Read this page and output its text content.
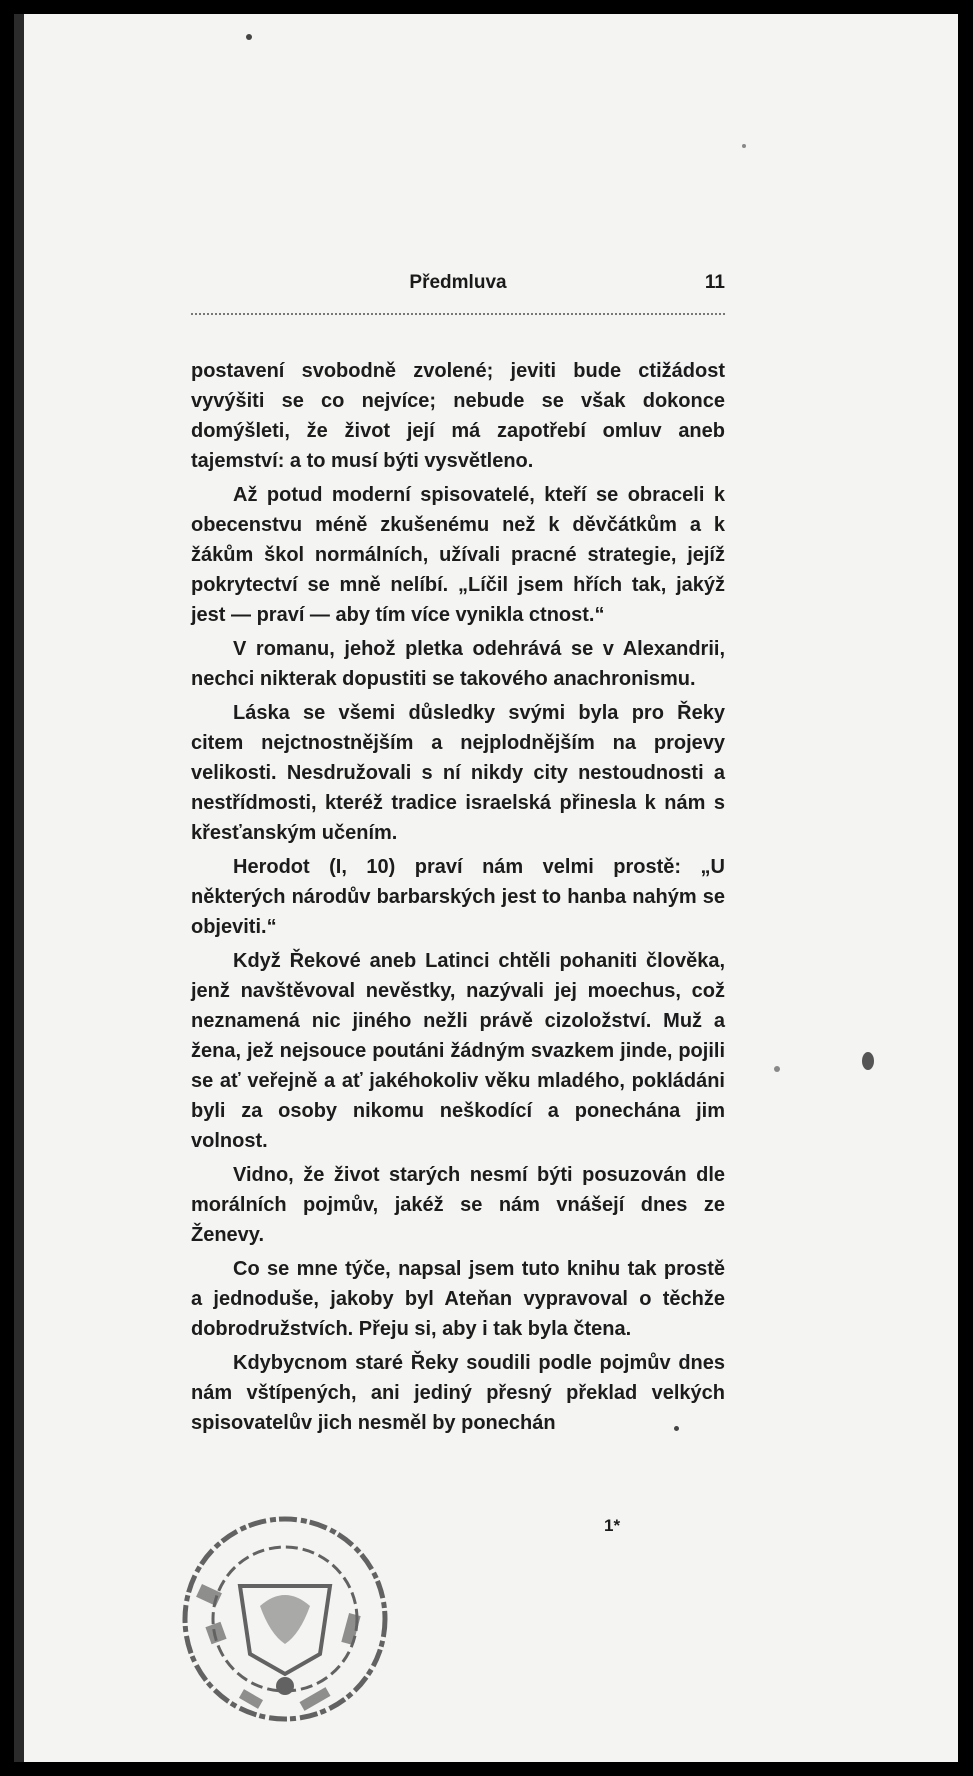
Předmluva	11

postavení svobodně zvolené; jeviti bude ctižádost vyvýšiti se co nejvíce; nebude se však dokonce domýšleti, že život její má zapotřebí omluv aneb tajemství: a to musí býti vysvětleno.

Až potud moderní spisovatelé, kteří se obraceli k obecenstvu méně zkušenému než k děvčátkům a k žákům škol normálních, užívali pracné strategie, jejíž pokrytectví se mně nelíbí. „Líčil jsem hřích tak, jakýž jest — praví — aby tím více vynikla ctnost.“

V romanu, jehož pletka odehrává se v Alexandrii, nechci nikterak dopustiti se takového anachronismu.

Láska se všemi důsledky svými byla pro Řeky citem nejctnostnějším a nejplodnějším na projevy velikosti. Nesdružovali s ní nikdy city nestoudnosti a nestřídmosti, kteréž tradice israelská přinesla k nám s křesťanským učením.

Herodot (I, 10) praví nám velmi prostě: „U některých národův barbarských jest to hanba nahým se objeviti.“

Když Řekové aneb Latinci chtěli pohaniti člověka, jenž navštěvoval nevěstky, nazývali jej moechus, což neznamená nic jiného nežli právě cizoložství. Muž a žena, jež nejsouce poutáni žádným svazkem jinde, pojili se ať veřejně a ať jakéhokoliv věku mladého, pokládáni byli za osoby nikomu neškodící a ponechána jim volnost.

Vidno, že život starých nesmí býti posuzován dle morálních pojmův, jakéž se nám vnášejí dnes ze Ženevy.

Co se mne týče, napsal jsem tuto knihu tak prostě a jednoduše, jakoby byl Ateňan vypravoval o těchže dobrodružstvích. Přeju si, aby i tak byla čtena.

Kdybycnom staré Řeky soudili podle pojmův dnes nám vštípených, ani jediný přesný překlad velkých spisovatelův jich nesměl by ponechán

1*
